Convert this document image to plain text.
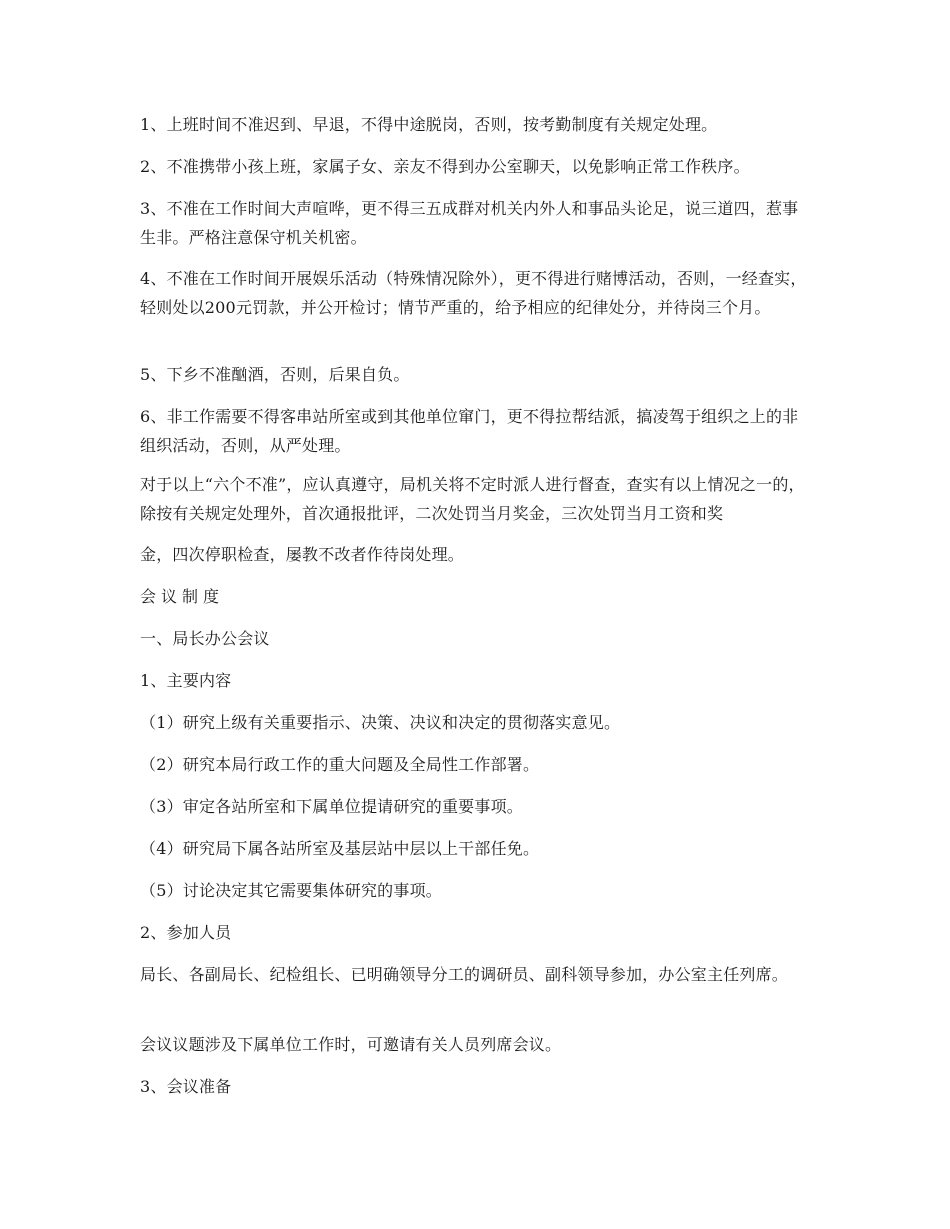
1、上班时间不准迟到、早退，不得中途脱岗，否则，按考勤制度有关规定处理。

2、不准携带小孩上班，家属子女、亲友不得到办公室聊天，以免影响正常工作秩序。

3、不准在工作时间大声喧哗，更不得三五成群对机关内外人和事品头论足，说三道四，惹事生非。严格注意保守机关机密。

4、不准在工作时间开展娱乐活动（特殊情况除外），更不得进行赌博活动，否则，一经查实，轻则处以200元罚款，并公开检讨；情节严重的，给予相应的纪律处分，并待岗三个月。

5、下乡不准酗酒，否则，后果自负。

6、非工作需要不得客串站所室或到其他单位窜门，更不得拉帮结派，搞凌驾于组织之上的非组织活动，否则，从严处理。

对于以上“六个不准”，应认真遵守，局机关将不定时派人进行督查，查实有以上情况之一的，除按有关规定处理外，首次通报批评，二次处罚当月奖金，三次处罚当月工资和奖

金，四次停职检查，屡教不改者作待岗处理。

会议制度

一、局长办公会议

1、主要内容

（1）研究上级有关重要指示、决策、决议和决定的贯彻落实意见。

（2）研究本局行政工作的重大问题及全局性工作部署。

（3）审定各站所室和下属单位提请研究的重要事项。

（4）研究局下属各站所室及基层站中层以上干部任免。

（5）讨论决定其它需要集体研究的事项。

2、参加人员

局长、各副局长、纪检组长、已明确领导分工的调研员、副科领导参加，办公室主任列席。

会议议题涉及下属单位工作时，可邀请有关人员列席会议。

3、会议准备
